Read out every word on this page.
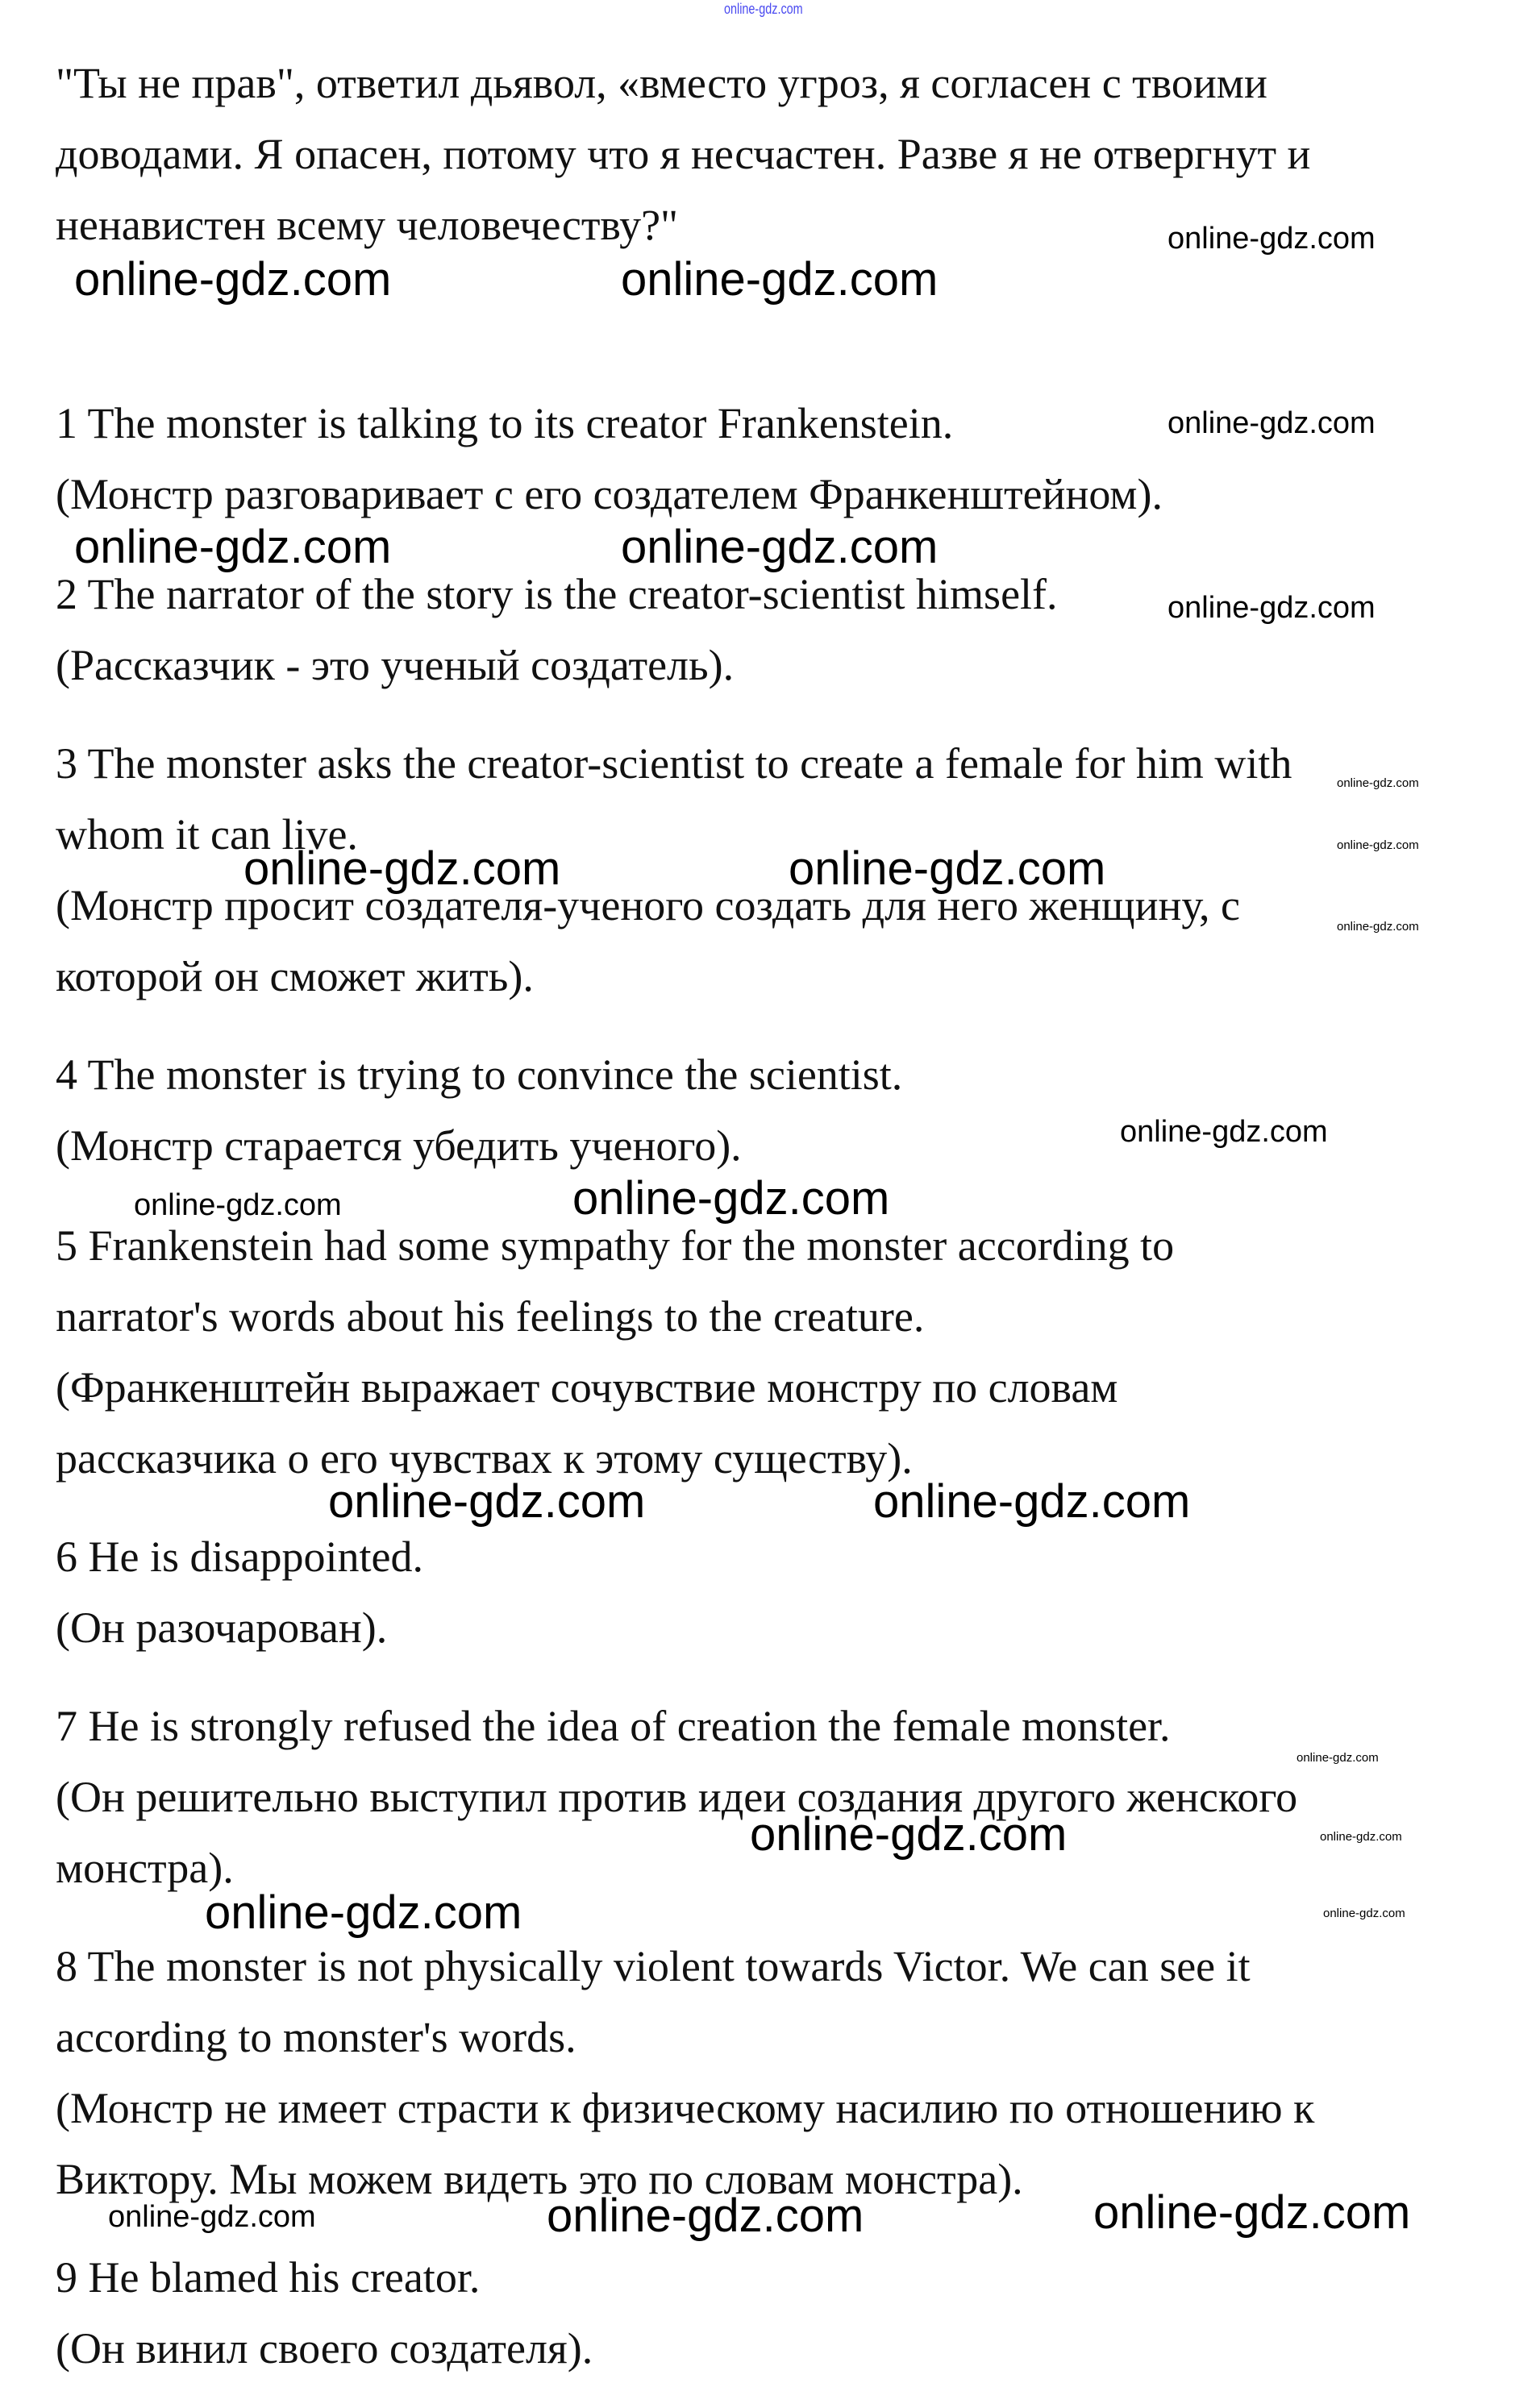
"Ты не прав", ответил дьявол, «вместо угроз, я согласен с твоими
доводами. Я опасен, потому что я несчастен. Разве я не отвергнут и
ненавистен всему человечеству?"
1 The monster is talking to its creator Frankenstein.
(Монстр разговаривает с его создателем Франкенштейном).
2 The narrator of the story is the creator-scientist himself.
(Рассказчик - это ученый создатель).
3 The monster asks the creator-scientist to create a female for him with
whom it can live.
(Монстр просит создателя-ученого создать для него женщину, с
которой он сможет жить).
4 The monster is trying to convince the scientist.
(Монстр старается убедить ученого).
5 Frankenstein had some sympathy for the monster according to
narrator's words about his feelings to the creature.
(Франкенштейн выражает сочувствие монстру по словам
рассказчика о его чувствах к этому существу).
6 He is disappointed.
(Он разочарован).
7 He is strongly refused the idea of creation the female monster.
(Он решительно выступил против идеи создания другого женского
монстра).
8 The monster is not physically violent towards Victor. We can see it
according to monster's words.
(Монстр не имеет страсти к физическому насилию по отношению к
Виктору. Мы можем видеть это по словам монстра).
9 He blamed his creator.
(Он винил своего создателя).
online-gdz.com
online-gdz.com	online-gdz.com
online-gdz.com	online-gdz.com
online-gdz.com	online-gdz.com
online-gdz.com
online-gdz.com	online-gdz.com
online-gdz.com
online-gdz.com
online-gdz.com	online-gdz.com
online-gdz.com
online-gdz.com
online-gdz.com
online-gdz.com
online-gdz.com
online-gdz.com
online-gdz.com
online-gdz.com
online-gdz.com
online-gdz.com
online-gdz.com
online-gdz.com
